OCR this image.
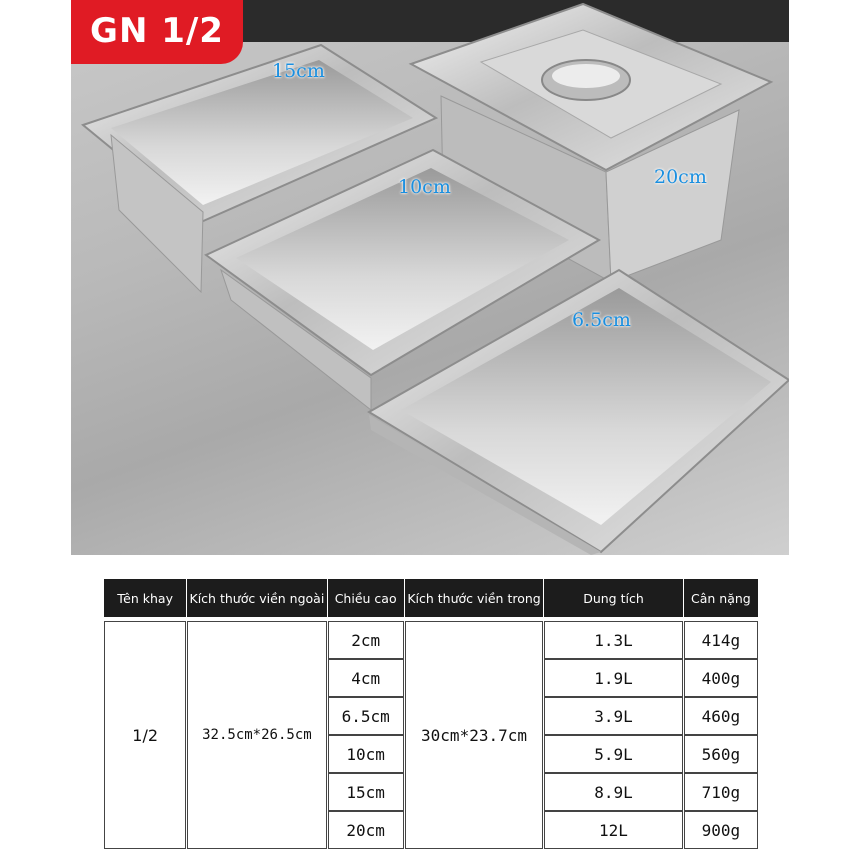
GN 1/2
15cm
10cm	20cm
6.5cm
Tên khay	Kích thước viền ngoài	Chiều cao	Kích thước viền trong	Dung tích	Cân nặng

1/2	32.5cm*26.5cm	2cm	30cm*23.7cm	1.3L	414g
		4cm		1.9L	400g
		6.5cm		3.9L	460g
		10cm		5.9L	560g
		15cm		8.9L	710g
		20cm		12L	900g
